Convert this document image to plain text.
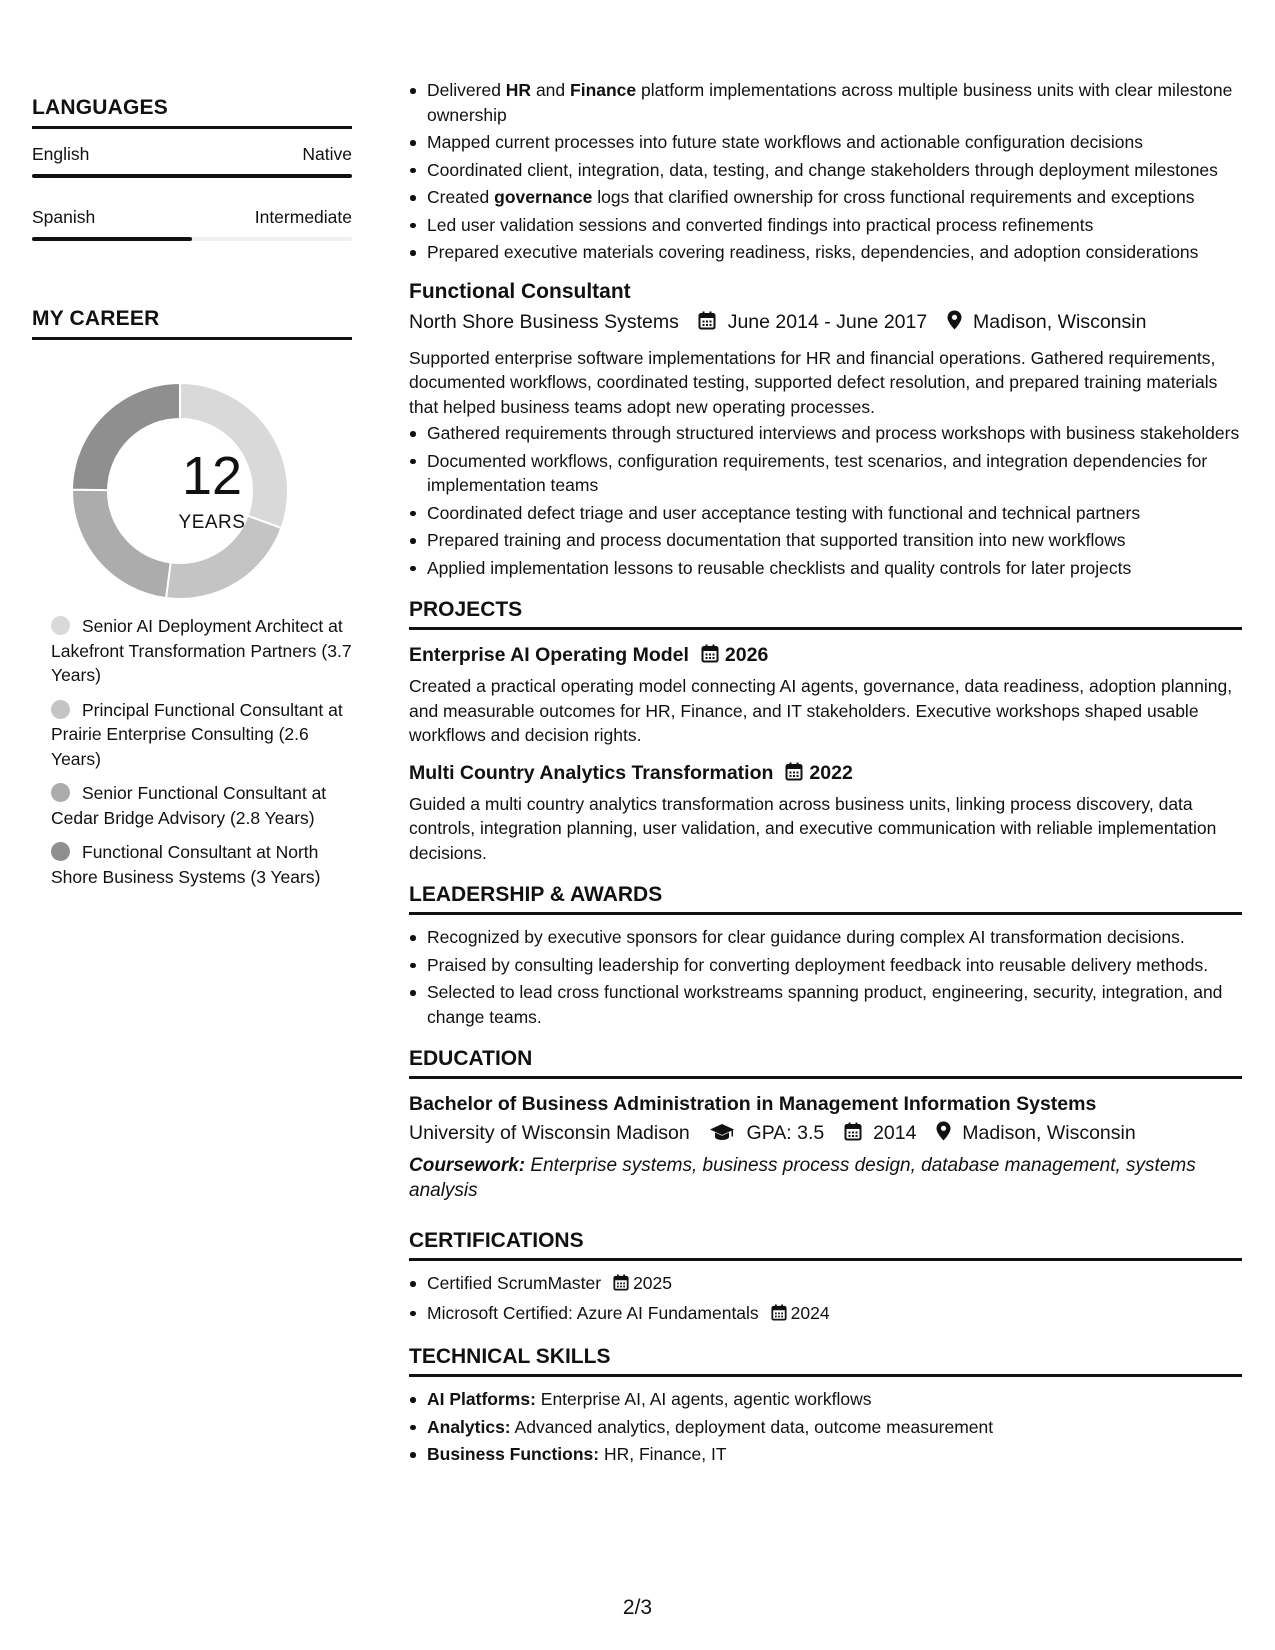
LANGUAGES
English	Native
Spanish	Intermediate
MY CAREER
12
YEARS
Senior AI Deployment Architect at Lakefront Transformation Partners (3.7 Years)
Principal Functional Consultant at Prairie Enterprise Consulting (2.6 Years)
Senior Functional Consultant at Cedar Bridge Advisory (2.8 Years)
Functional Consultant at North Shore Business Systems (3 Years)
Delivered HR and Finance platform implementations across multiple business units with clear milestone ownership
Mapped current processes into future state workflows and actionable configuration decisions
Coordinated client, integration, data, testing, and change stakeholders through deployment milestones
Created governance logs that clarified ownership for cross functional requirements and exceptions
Led user validation sessions and converted findings into practical process refinements
Prepared executive materials covering readiness, risks, dependencies, and adoption considerations
Functional Consultant
North Shore Business Systems	June 2014 - June 2017 Madison, Wisconsin
Supported enterprise software implementations for HR and financial operations. Gathered requirements, documented workflows, coordinated testing, supported defect resolution, and prepared training materials that helped business teams adopt new operating processes.
Gathered requirements through structured interviews and process workshops with business stakeholders
Documented workflows, configuration requirements, test scenarios, and integration dependencies for implementation teams
Coordinated defect triage and user acceptance testing with functional and technical partners
Prepared training and process documentation that supported transition into new workflows
Applied implementation lessons to reusable checklists and quality controls for later projects
PROJECTS
Enterprise AI Operating Model 2026
Created a practical operating model connecting AI agents, governance, data readiness, adoption planning, and measurable outcomes for HR, Finance, and IT stakeholders. Executive workshops shaped usable workflows and decision rights.
Multi Country Analytics Transformation 2022
Guided a multi country analytics transformation across business units, linking process discovery, data controls, integration planning, user validation, and executive communication with reliable implementation decisions.
LEADERSHIP & AWARDS
Recognized by executive sponsors for clear guidance during complex AI transformation decisions.
Praised by consulting leadership for converting deployment feedback into reusable delivery methods.
Selected to lead cross functional workstreams spanning product, engineering, security, integration, and change teams.
EDUCATION
Bachelor of Business Administration in Management Information Systems
University of Wisconsin Madison	GPA: 3.5	2014 Madison, Wisconsin
Coursework: Enterprise systems, business process design, database management, systems analysis
CERTIFICATIONS
Certified ScrumMaster 2025
Microsoft Certified: Azure AI Fundamentals 2024
TECHNICAL SKILLS
AI Platforms: Enterprise AI, AI agents, agentic workflows
Analytics: Advanced analytics, deployment data, outcome measurement
Business Functions: HR, Finance, IT
2/3
